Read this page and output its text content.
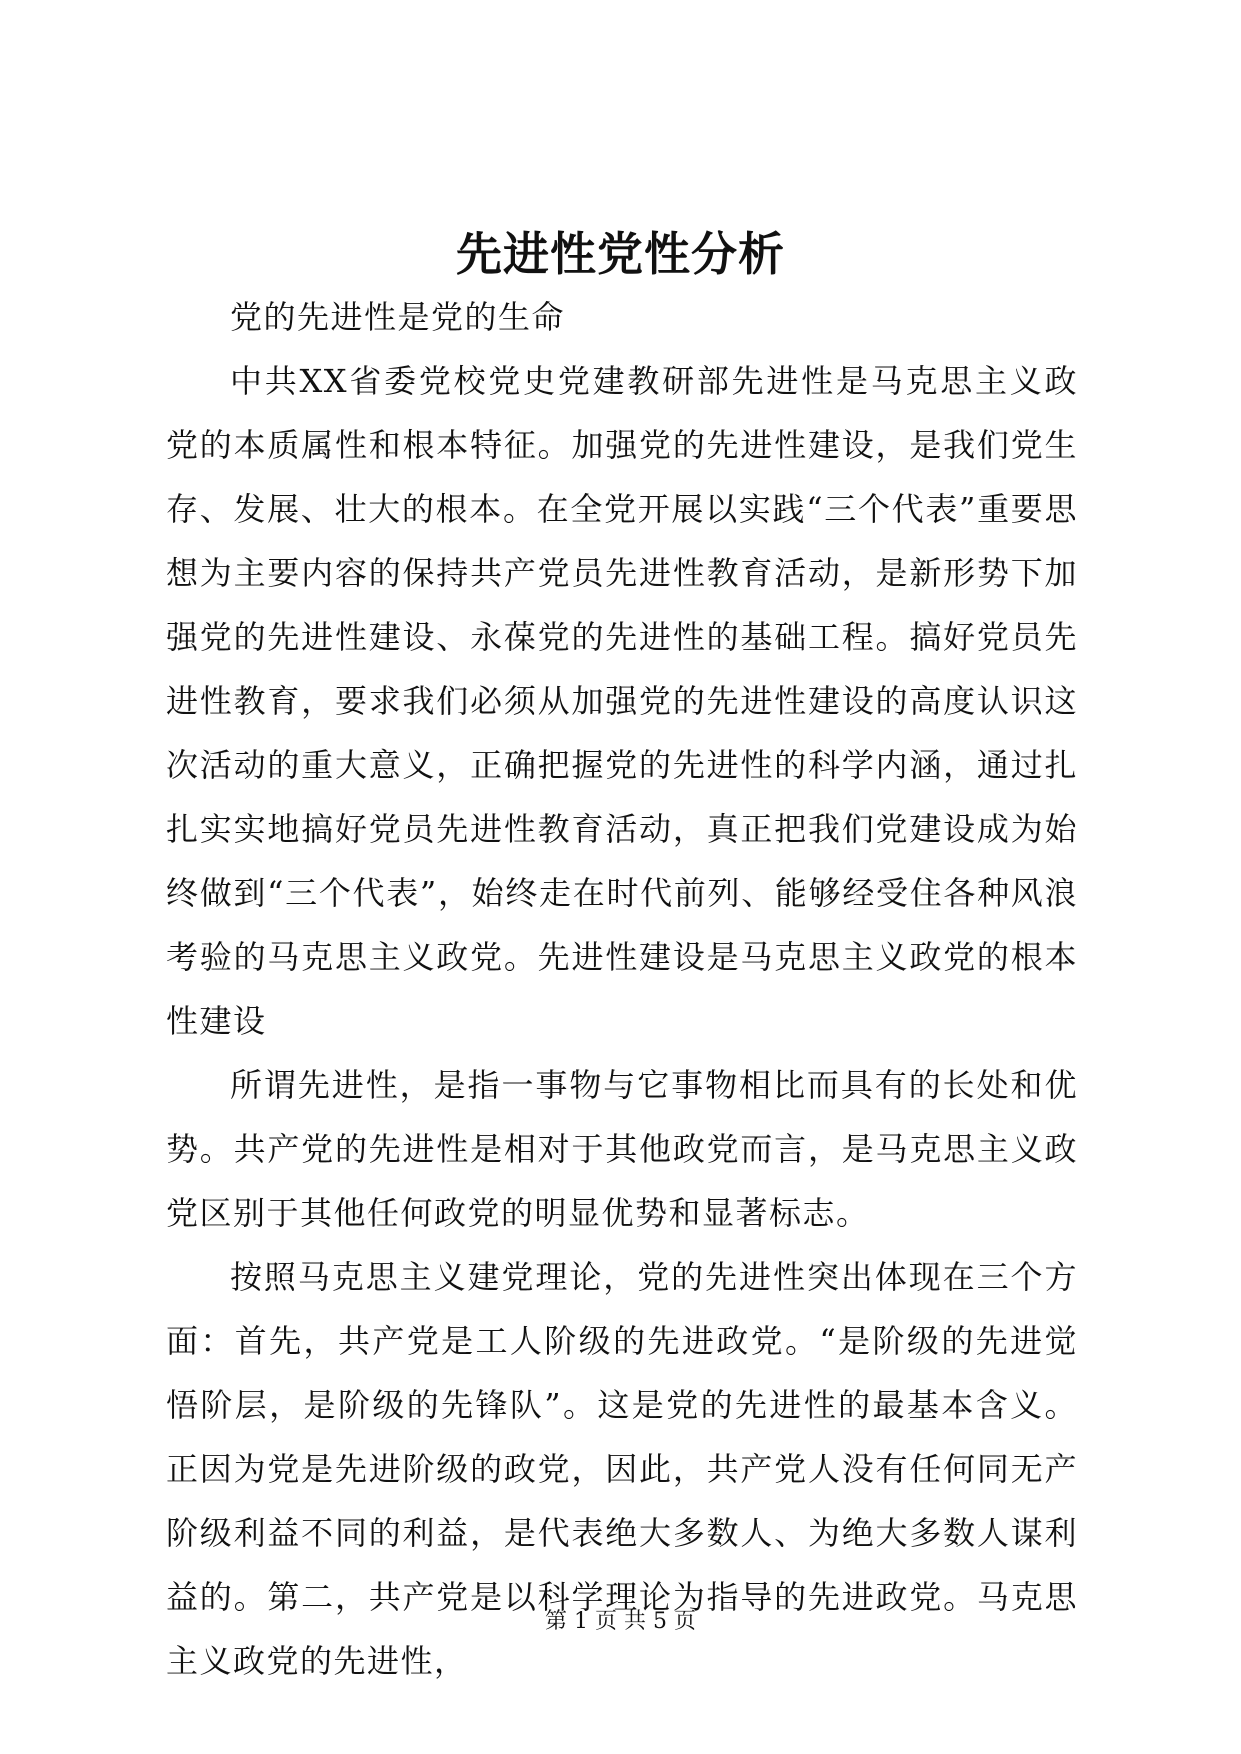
先进性党性分析

党的先进性是党的生命

中共XX省委党校党史党建教研部先进性是马克思主义政党的本质属性和根本特征。加强党的先进性建设，是我们党生存、发展、壮大的根本。在全党开展以实践“三个代表”重要思想为主要内容的保持共产党员先进性教育活动，是新形势下加强党的先进性建设、永葆党的先进性的基础工程。搞好党员先进性教育，要求我们必须从加强党的先进性建设的高度认识这次活动的重大意义，正确把握党的先进性的科学内涵，通过扎扎实实地搞好党员先进性教育活动，真正把我们党建设成为始终做到“三个代表”，始终走在时代前列、能够经受住各种风浪考验的马克思主义政党。先进性建设是马克思主义政党的根本性建设

所谓先进性，是指一事物与它事物相比而具有的长处和优势。共产党的先进性是相对于其他政党而言，是马克思主义政党区别于其他任何政党的明显优势和显著标志。

按照马克思主义建党理论，党的先进性突出体现在三个方面：首先，共产党是工人阶级的先进政党。“是阶级的先进觉悟阶层，是阶级的先锋队”。这是党的先进性的最基本含义。正因为党是先进阶级的政党，因此，共产党人没有任何同无产阶级利益不同的利益，是代表绝大多数人、为绝大多数人谋利益的。第二，共产党是以科学理论为指导的先进政党。马克思主义政党的先进性，

第 1 页 共 5 页
